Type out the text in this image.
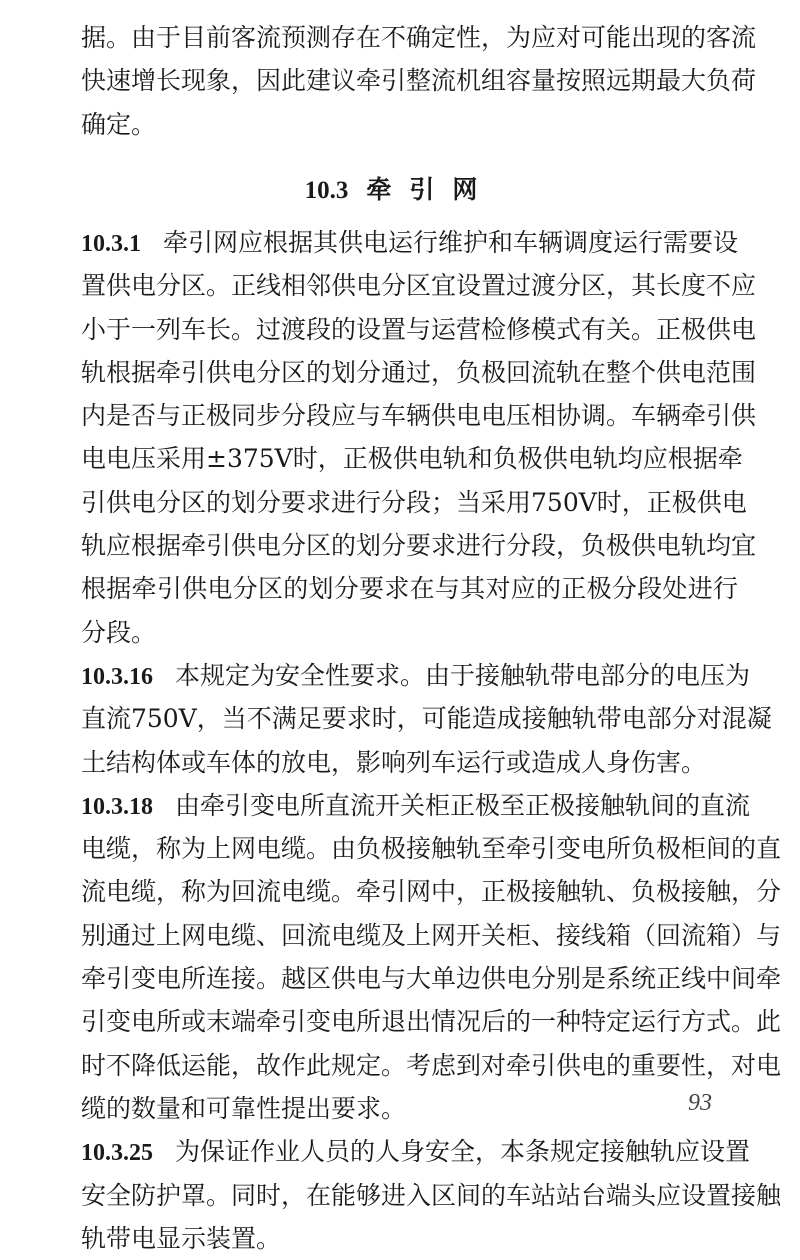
据。由于目前客流预测存在不确定性，为应对可能出现的客流
快速增长现象，因此建议牵引整流机组容量按照远期最大负荷
确定。
10.3 牵引网
10.3.1 牵引网应根据其供电运行维护和车辆调度运行需要设
置供电分区。正线相邻供电分区宜设置过渡分区，其长度不应
小于一列车长。过渡段的设置与运营检修模式有关。正极供电
轨根据牵引供电分区的划分通过，负极回流轨在整个供电范围
内是否与正极同步分段应与车辆供电电压相协调。车辆牵引供
电电压采用±375V时，正极供电轨和负极供电轨均应根据牵
引供电分区的划分要求进行分段；当采用750V时，正极供电
轨应根据牵引供电分区的划分要求进行分段，负极供电轨均宜
根据牵引供电分区的划分要求在与其对应的正极分段处进行
分段。
10.3.16 本规定为安全性要求。由于接触轨带电部分的电压为
直流750V，当不满足要求时，可能造成接触轨带电部分对混凝
土结构体或车体的放电，影响列车运行或造成人身伤害。
10.3.18 由牵引变电所直流开关柜正极至正极接触轨间的直流
电缆，称为上网电缆。由负极接触轨至牵引变电所负极柜间的直
流电缆，称为回流电缆。牵引网中，正极接触轨、负极接触，分
别通过上网电缆、回流电缆及上网开关柜、接线箱（回流箱）与
牵引变电所连接。越区供电与大单边供电分别是系统正线中间牵
引变电所或末端牵引变电所退出情况后的一种特定运行方式。此
时不降低运能，故作此规定。考虑到对牵引供电的重要性，对电
缆的数量和可靠性提出要求。
10.3.25 为保证作业人员的人身安全，本条规定接触轨应设置
安全防护罩。同时，在能够进入区间的车站站台端头应设置接触
轨带电显示装置。
93
